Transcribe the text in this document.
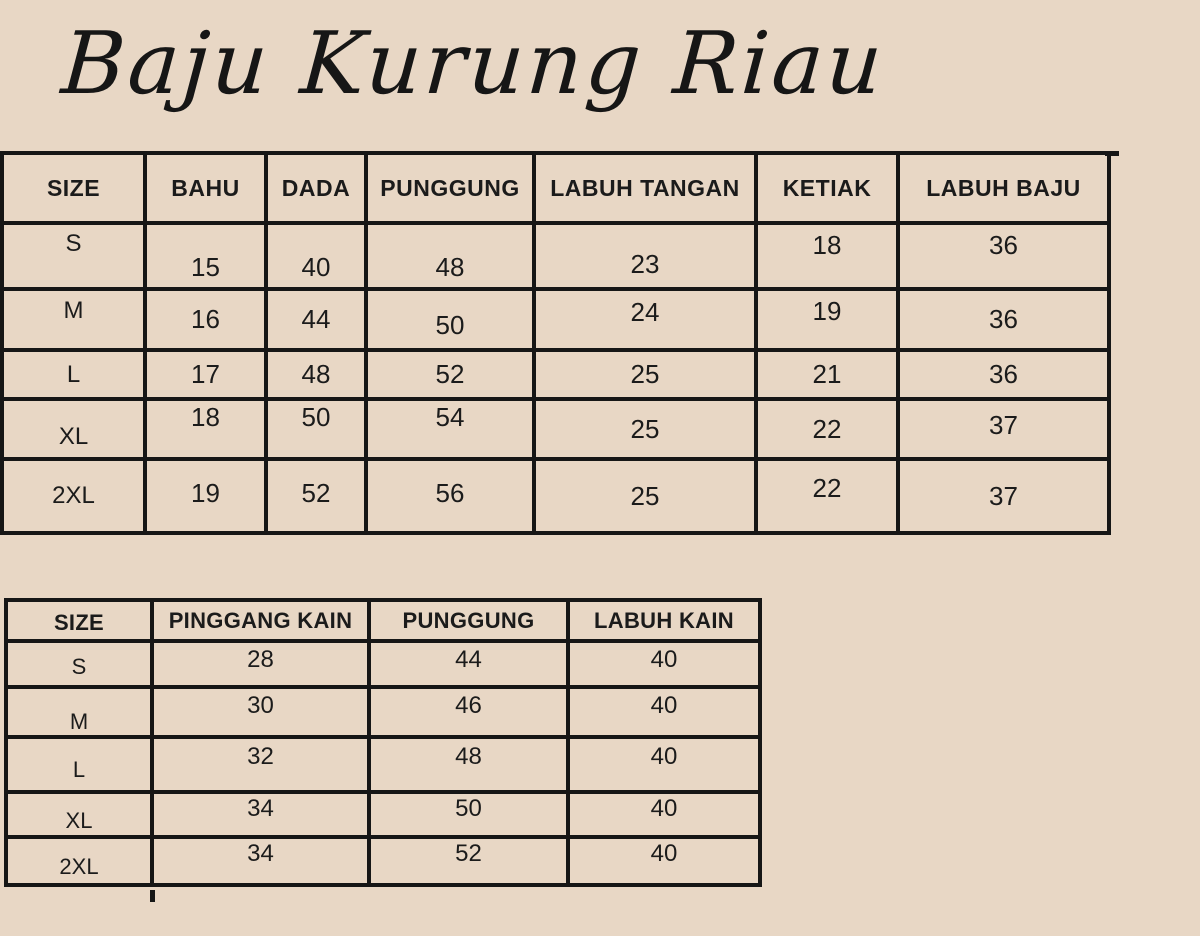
Baju Kurung Riau
SIZE	BAHU	DADA	PUNGGUNG	LABUH TANGAN	KETIAK	LABUH BAJU
S	15	40	48	23	18	36
M	16	44	50	24	19	36
L	17	48	52	25	21	36
XL	18	50	54	25	22	37
2XL	19	52	56	25	22	37
SIZE	PINGGANG KAIN	PUNGGUNG	LABUH KAIN
S	28	44	40
M	30	46	40
L	32	48	40
XL	34	50	40
2XL	34	52	40
